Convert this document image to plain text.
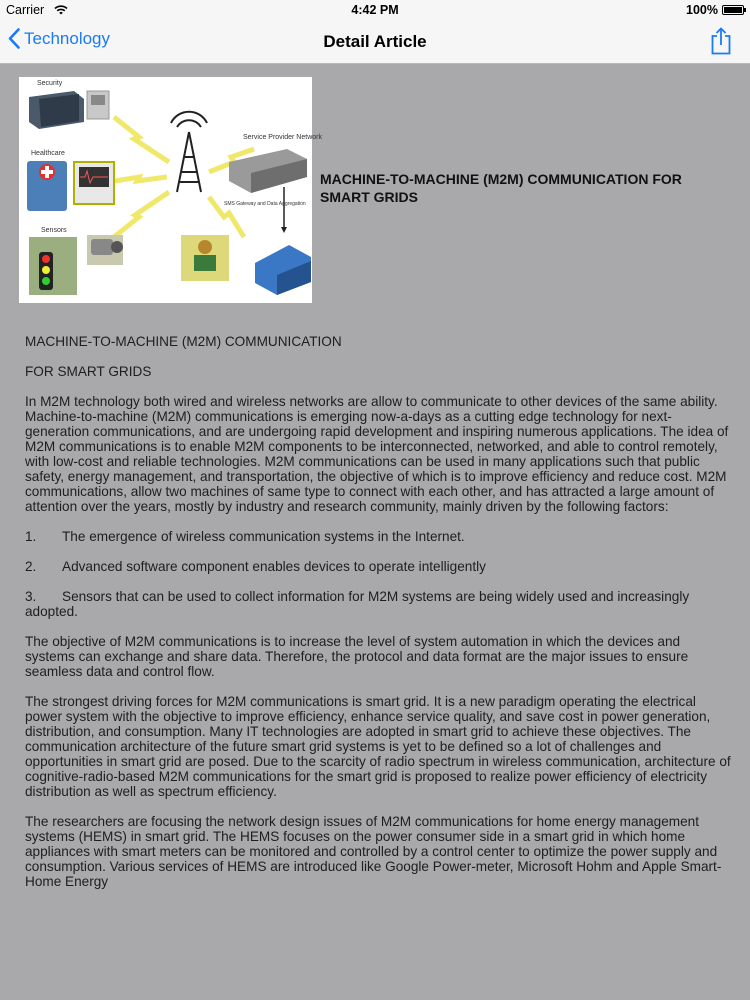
Carrier	4:42 PM	100%
Technology	Detail Article
Security
Healthcare
Service Provider Network
SMS Gateway and Data Aggregation
Sensors
MACHINE-TO-MACHINE (M2M) COMMUNICATION FOR SMART GRIDS

MACHINE-TO-MACHINE (M2M) COMMUNICATION

FOR SMART GRIDS

In M2M technology both wired and wireless networks are allow to communicate to other devices of the same ability. Machine-to-machine (M2M) communications is emerging now-a-days as a cutting edge technology for next-generation communications, and are undergoing rapid development and inspiring numerous applications. The idea of M2M communications is to enable M2M components to be interconnected, networked, and able to control remotely, with low-cost and reliable technologies. M2M communications can be used in many applications such that public safety, energy management, and transportation, the objective of which is to improve efficiency and reduce cost. M2M communications, allow two machines of same type to connect with each other, and has attracted a large amount of attention over the years, mostly by industry and research community, mainly driven by the following factors:

1.	The emergence of wireless communication systems in the Internet.

2.	Advanced software component enables devices to operate intelligently

3. Sensors that can be used to collect information for M2M systems are being widely used and increasingly adopted.

The objective of M2M communications is to increase the level of system automation in which the devices and systems can exchange and share data. Therefore, the protocol and data format are the major issues to ensure seamless data and control flow.

The strongest driving forces for M2M communications is smart grid. It is a new paradigm operating the electrical power system with the objective to improve efficiency, enhance service quality, and save cost in power generation, distribution, and consumption. Many IT technologies are adopted in smart grid to achieve these objectives. The communication architecture of the future smart grid systems is yet to be defined so a lot of challenges and opportunities in smart grid are posed. Due to the scarcity of radio spectrum in wireless communication, architecture of cognitive-radio-based M2M communications for the smart grid is proposed to realize power efficiency of electricity distribution as well as spectrum efficiency.

The researchers are focusing the network design issues of M2M communications for home energy management systems (HEMS) in smart grid. The HEMS focuses on the power consumer side in a smart grid in which home appliances with smart meters can be monitored and controlled by a control center to optimize the power supply and consumption. Various services of HEMS are introduced like Google Power-meter, Microsoft Hohm and Apple Smart-Home Energy
